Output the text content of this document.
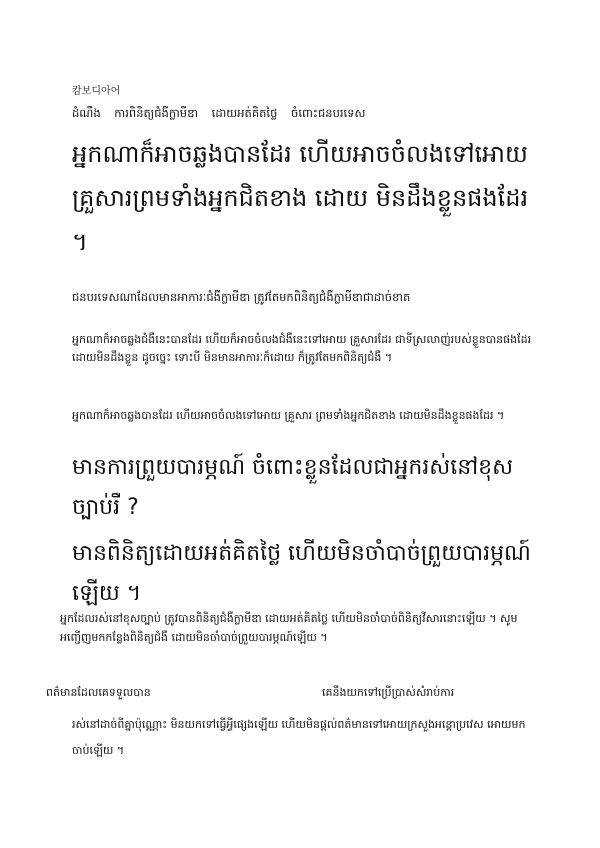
캄보디아어

ដំណឹង ការពិនិត្យជំងឺក្លាមីឌា ដោយអត់គិតថ្លៃ ចំពោះជនបរទេស

អ្នកណាក៏អាចឆ្លងបានដែរ ហើយអាចចំលងទៅអោយគ្រួសារព្រមទាំងអ្នកជិតខាង ដោយ មិនដឹងខ្លួនផងដែរ ។

ជនបរទេសណាដែលមានអាការៈជំងឺក្លាមីឌា ត្រូវតែមកពិនិត្យជំងឺក្លាមីឌាជាដាច់ខាត

អ្នកណាក៏អាចឆ្លងជំងឺនេះបានដែរ ហើយក៏អាចចំលងជំងឺនេះទៅអោយ គ្រួសារដែរ ជាទីស្រលាញ់របស់ខ្លួនបានផងដែរដោយមិនដឹងខ្លួន ដូចច្នេះ ទោះបី មិនមានអាការៈក៏ដោយ ក៏ត្រូវតែមកពិនិត្យជំងឺ ។

អ្នកណាក៏អាចឆ្លងបានដែរ ហើយអាចចំលងទៅអោយ គ្រួសារ ព្រមទាំងអ្នកជិតខាង ដោយមិនដឹងខ្លួនផងដែរ ។

មានការព្រួយបារម្ភណ៍ ចំពោះខ្លួនដែលជាអ្នករស់នៅខុសច្បាប់រឺ ?
មានពិនិត្យដោយអត់គិតថ្លៃ ហើយមិនចាំបាច់ព្រួយបារម្ភណ៍ឡើយ ។

អ្នកដែលរស់នៅខុសច្បាប់ ត្រូវបានពិនិត្យជំងឺក្លាមីឌា ដោយអត់គិតថ្លៃ ហើយមិនចាំបាច់ពិនិត្យវីសារនោះឡើយ ។ សូមអញ្ជើញមកកន្លែងពិនិត្យជំងឺ ដោយមិនចាំបាច់ព្រួយបារម្ភណ៍ឡើយ ។

ពត៌មានដែលគេទទួលបាន	គេនឹងយកទៅប្រើប្រាស់សំរាប់ការ

រស់នៅដាច់ពីគ្នាប៉ុណ្ណោះ មិនយកទៅធ្វើអ្វីផ្សេងឡើយ ហើយមិនផ្តល់ពត៌មានទៅអោយក្រសួងអន្តោប្រវេស អោយមកចាប់ឡើយ ។
